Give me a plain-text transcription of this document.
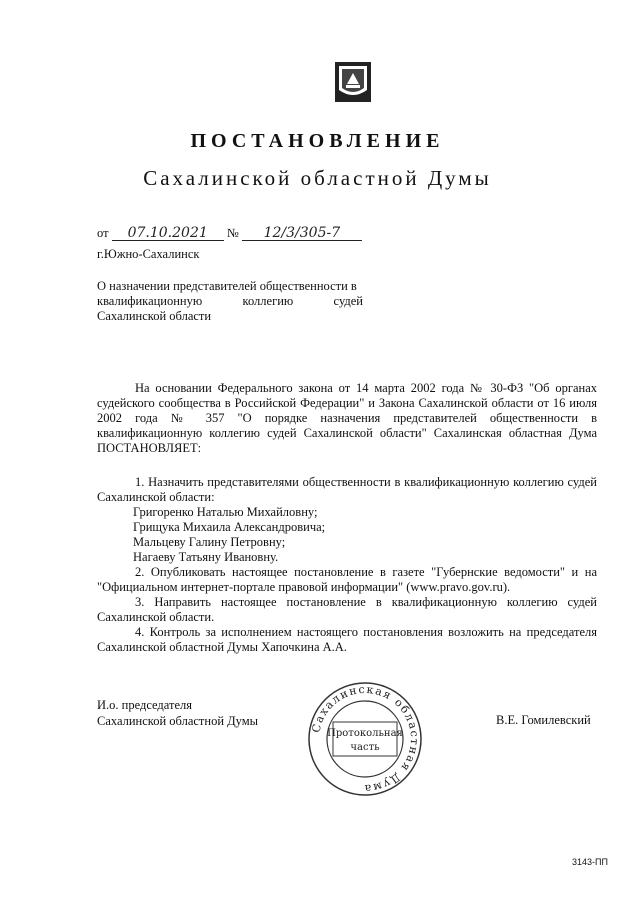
ПОСТАНОВЛЕНИЕ
Сахалинской областной Думы
от 07.10.2021 № 12/3/305-7
г.Южно-Сахалинск
О назначении представителей общественности в
квалификационную коллегию судей
Сахалинской области

На основании Федерального закона от 14 марта 2002 года № 30-ФЗ "Об органах судейского сообщества в Российской Федерации" и Закона Сахалинской области от 16 июля 2002 года № 357 "О порядке назначения представителей общественности в квалификационную коллегию судей Сахалинской области" Сахалинская областная Дума ПОСТАНОВЛЯЕТ:

1. Назначить представителями общественности в квалификационную коллегию судей Сахалинской области:

Григоренко Наталью Михайловну;
Грищука Михаила Александровича;
Мальцеву Галину Петровну;
Нагаеву Татьяну Ивановну.

2. Опубликовать настоящее постановление в газете "Губернские ведомости" и на "Официальном интернет-портале правовой информации" (www.pravo.gov.ru).

3. Направить настоящее постановление в квалификационную коллегию судей Сахалинской области.

4. Контроль за исполнением настоящего постановления возложить на председателя Сахалинской областной Думы Хапочкина А.А.

И.о. председателя
Сахалинской областной Думы	В.Е. Гомилевский
Сахалинская областная Дума
Протокольная
часть
3143-ПП
